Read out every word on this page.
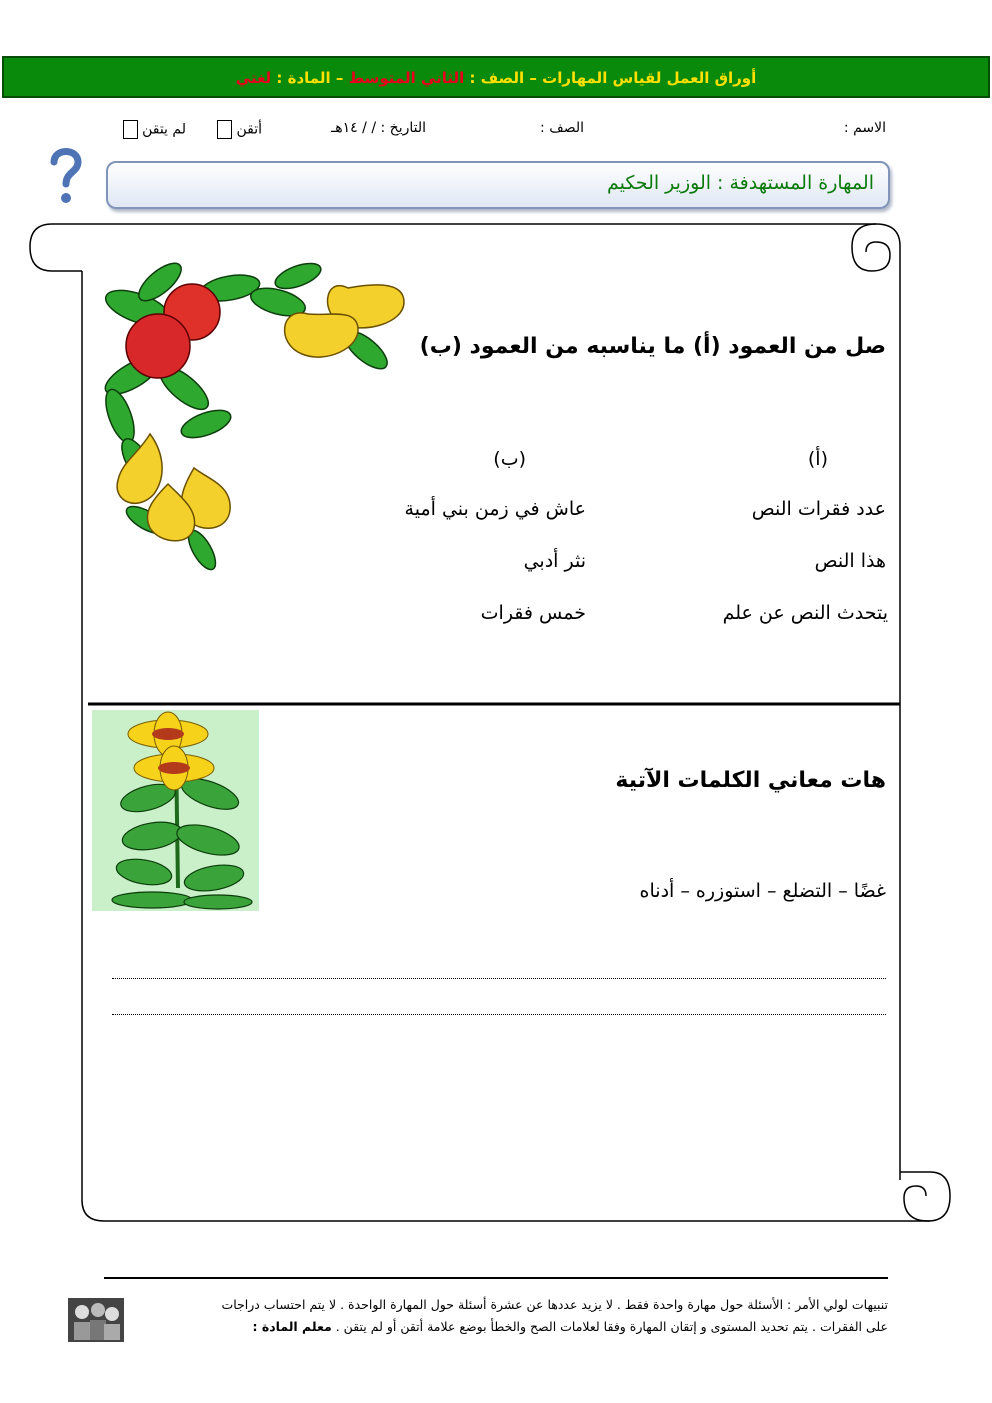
أوراق العمل لقياس المهارات – الصف : الثاني المتوسط – المادة : لغتي
الاسم :
الصف :
التاريخ : / / ١٤هـ
أتقن
لم يتقن
المهارة المستهدفة : الوزير الحكيم
صل من العمود (أ) ما يناسبه من العمود (ب)
(أ)
(ب)
عدد فقرات النص
هذا النص
يتحدث النص عن علم
عاش في زمن بني أمية
نثر أدبي
خمس فقرات
هات معاني الكلمات الآتية
غضًا – التضلع – استوزره – أدناه
تنبيهات لولي الأمر : الأسئلة حول مهارة واحدة فقط . لا يزيد عددها عن عشرة أسئلة حول المهارة الواحدة . لا يتم احتساب دراجات
على الفقرات . يتم تحديد المستوى و إتقان المهارة وفقا لعلامات الصح والخطأ بوضع علامة أتقن أو لم يتقن . معلم المادة :
